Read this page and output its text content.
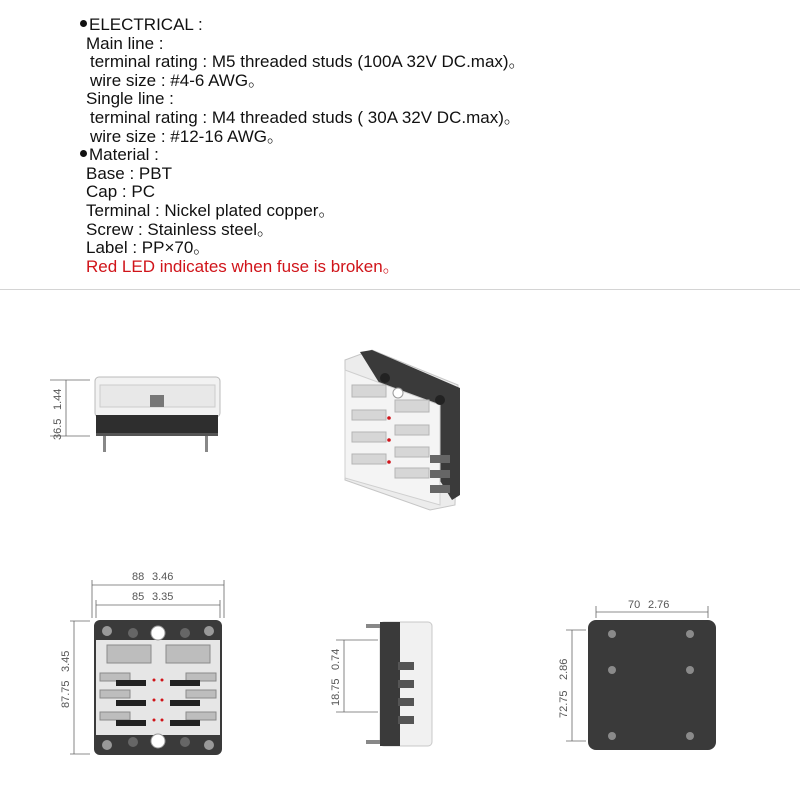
ELECTRICAL :
Main line :
terminal rating : M5 threaded studs (100A 32V DC.max)。
wire size : #4-6 AWG。
Single line :
terminal rating : M4 threaded studs ( 30A 32V DC.max)。
wire size : #12-16 AWG。
Material :
Base : PBT
Cap : PC
Terminal : Nickel plated copper。
Screw : Stainless steel。
Label : PP×70。
Red LED indicates when fuse is broken。
36.5
1.44
88 3.46
85 3.35
87.75
3.45
18.75
0.74
70 2.76
72.75
2.86
